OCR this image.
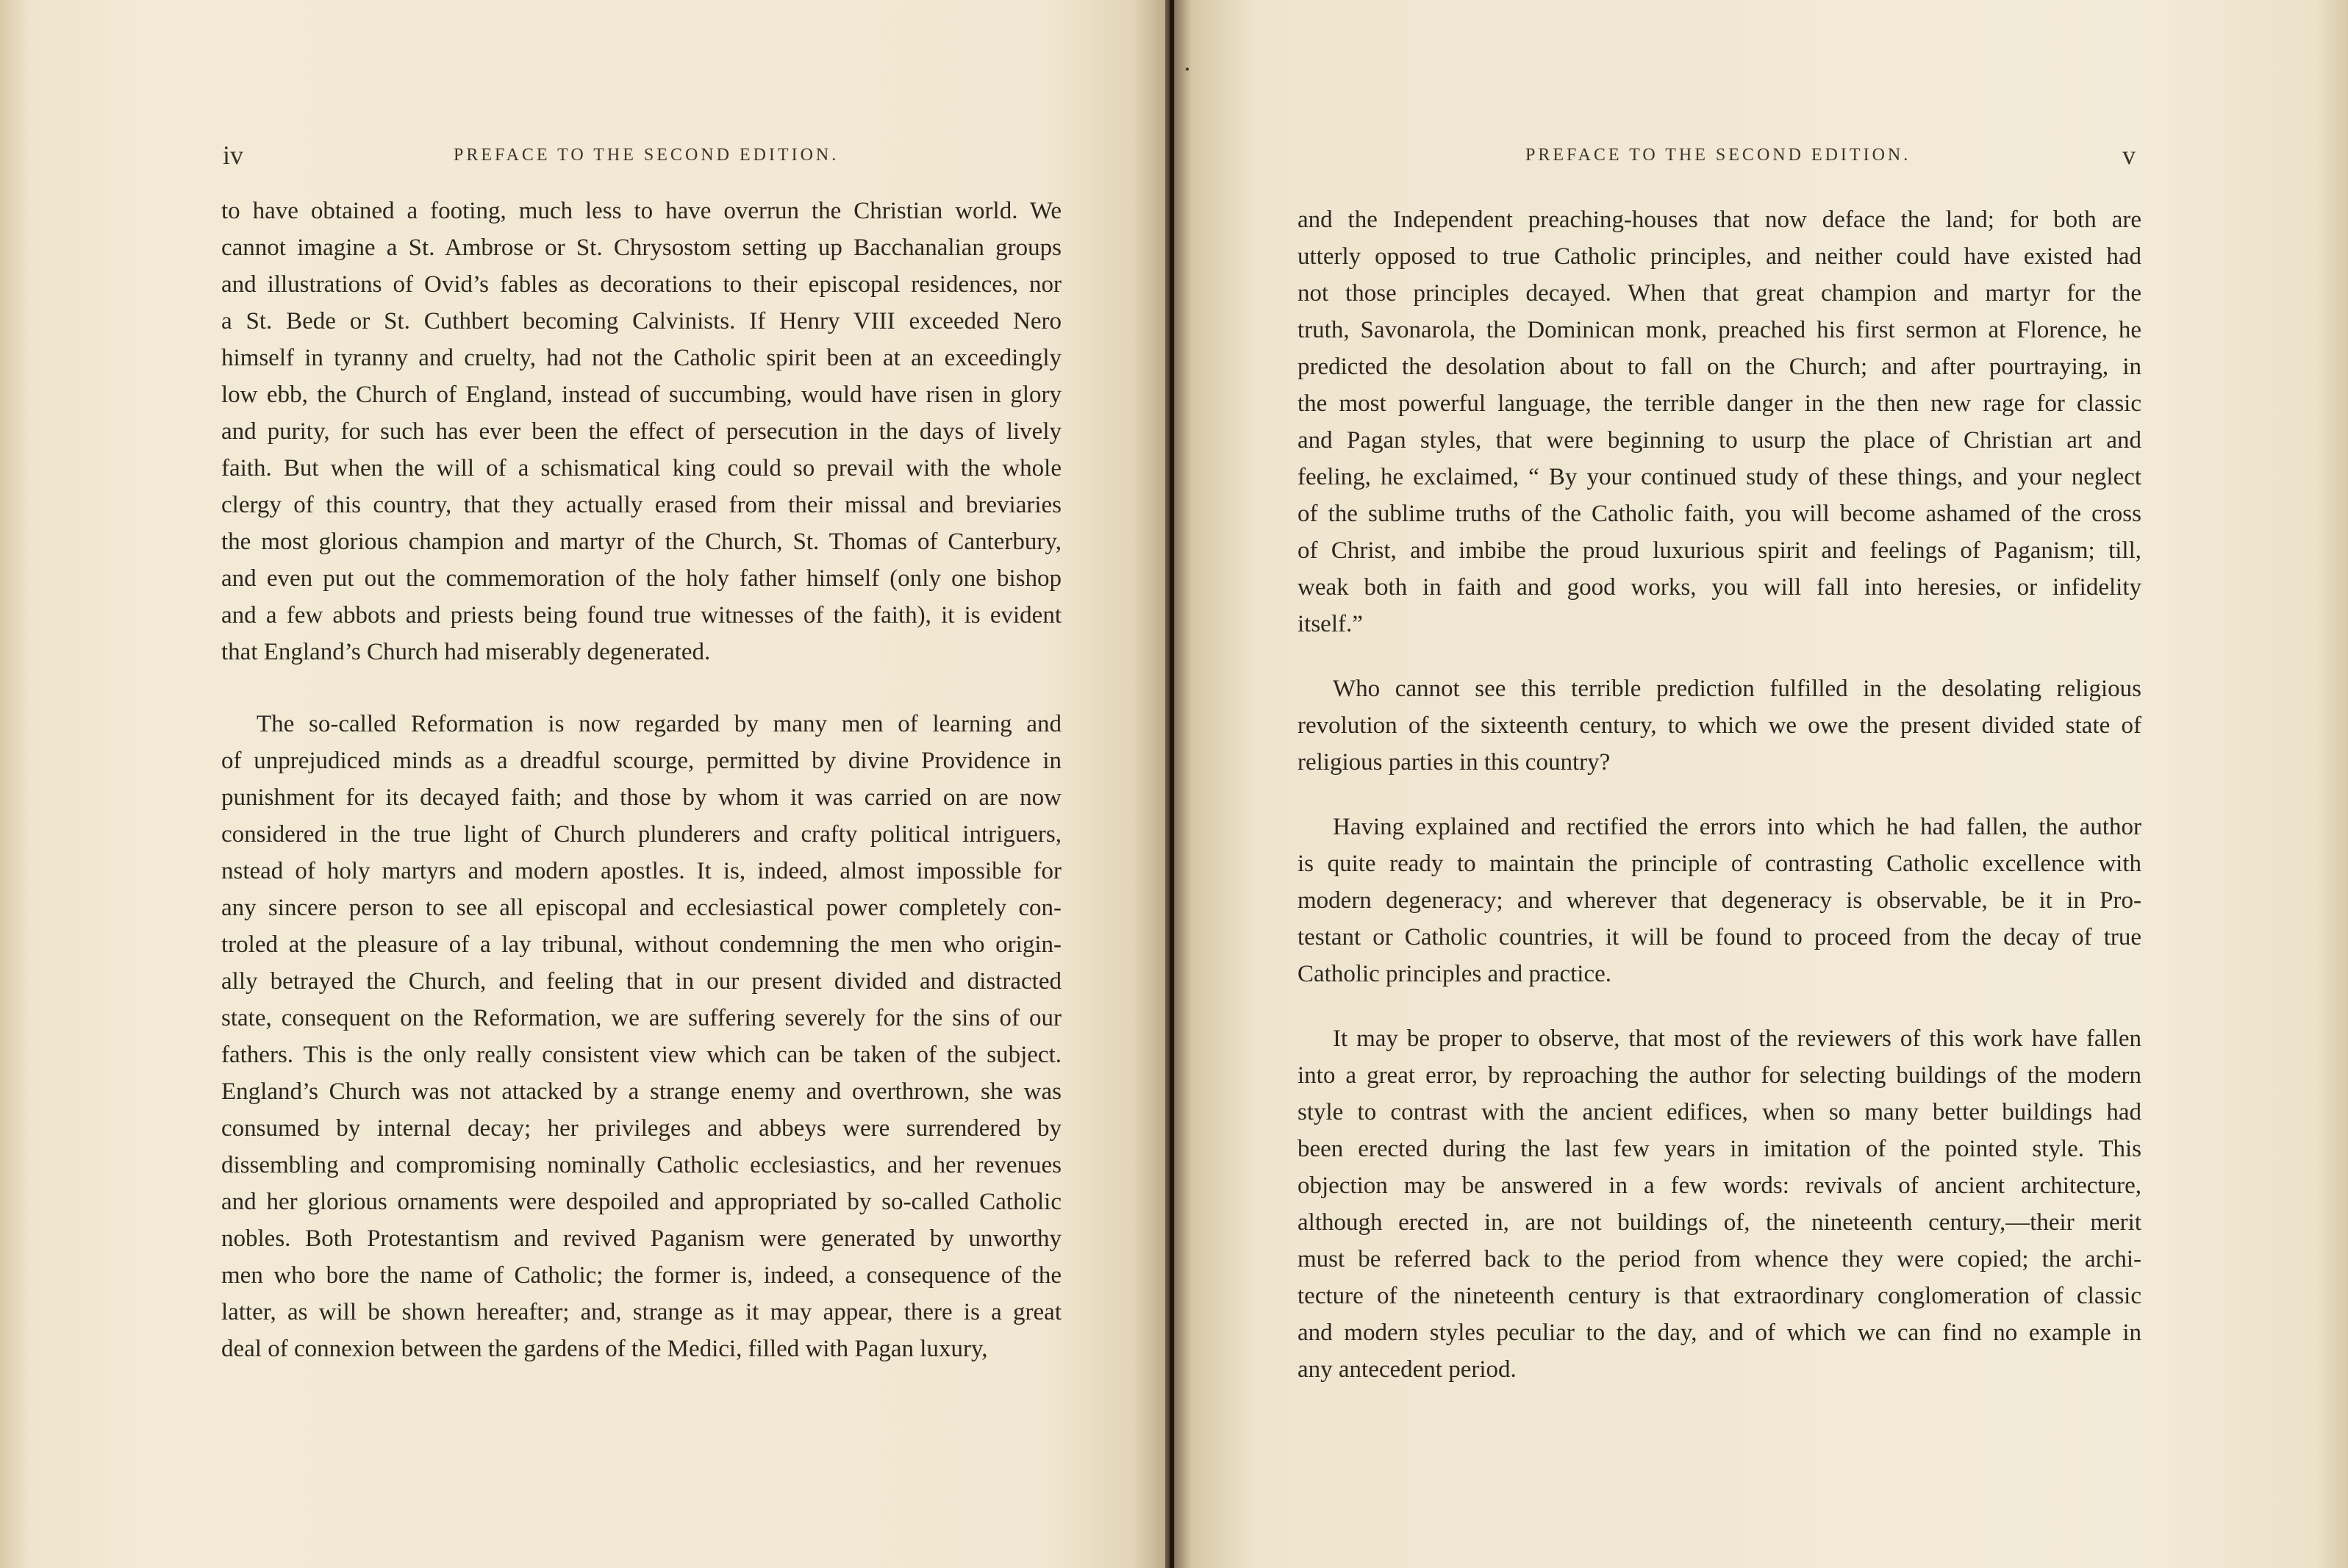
iv	PREFACE TO THE SECOND EDITION.
to have obtained a footing, much less to have overrun the Christian world. We
cannot imagine a St. Ambrose or St. Chrysostom setting up Bacchanalian groups
and illustrations of Ovid’s fables as decorations to their episcopal residences, nor
a St. Bede or St. Cuthbert becoming Calvinists. If Henry VIII exceeded Nero
himself in tyranny and cruelty, had not the Catholic spirit been at an exceedingly
low ebb, the Church of England, instead of succumbing, would have risen in glory
and purity, for such has ever been the effect of persecution in the days of lively
faith. But when the will of a schismatical king could so prevail with the whole
clergy of this country, that they actually erased from their missal and breviaries
the most glorious champion and martyr of the Church, St. Thomas of Canterbury,
and even put out the commemoration of the holy father himself (only one bishop
and a few abbots and priests being found true witnesses of the faith), it is evident
that England’s Church had miserably degenerated.
The so-called Reformation is now regarded by many men of learning and
of unprejudiced minds as a dreadful scourge, permitted by divine Providence in
punishment for its decayed faith; and those by whom it was carried on are now
considered in the true light of Church plunderers and crafty political intriguers,
nstead of holy martyrs and modern apostles. It is, indeed, almost impossible for
any sincere person to see all episcopal and ecclesiastical power completely con-
troled at the pleasure of a lay tribunal, without condemning the men who origin-
ally betrayed the Church, and feeling that in our present divided and distracted
state, consequent on the Reformation, we are suffering severely for the sins of our
fathers. This is the only really consistent view which can be taken of the subject.
England’s Church was not attacked by a strange enemy and overthrown, she was
consumed by internal decay; her privileges and abbeys were surrendered by
dissembling and compromising nominally Catholic ecclesiastics, and her revenues
and her glorious ornaments were despoiled and appropriated by so-called Catholic
nobles. Both Protestantism and revived Paganism were generated by unworthy
men who bore the name of Catholic; the former is, indeed, a consequence of the
latter, as will be shown hereafter; and, strange as it may appear, there is a great
deal of connexion between the gardens of the Medici, filled with Pagan luxury,
PREFACE TO THE SECOND EDITION.	v
and the Independent preaching-houses that now deface the land; for both are
utterly opposed to true Catholic principles, and neither could have existed had
not those principles decayed. When that great champion and martyr for the
truth, Savonarola, the Dominican monk, preached his first sermon at Florence, he
predicted the desolation about to fall on the Church; and after pourtraying, in
the most powerful language, the terrible danger in the then new rage for classic
and Pagan styles, that were beginning to usurp the place of Christian art and
feeling, he exclaimed, “ By your continued study of these things, and your neglect
of the sublime truths of the Catholic faith, you will become ashamed of the cross
of Christ, and imbibe the proud luxurious spirit and feelings of Paganism; till,
weak both in faith and good works, you will fall into heresies, or infidelity
itself.”
Who cannot see this terrible prediction fulfilled in the desolating religious
revolution of the sixteenth century, to which we owe the present divided state of
religious parties in this country?
Having explained and rectified the errors into which he had fallen, the author
is quite ready to maintain the principle of contrasting Catholic excellence with
modern degeneracy; and wherever that degeneracy is observable, be it in Pro-
testant or Catholic countries, it will be found to proceed from the decay of true
Catholic principles and practice.
It may be proper to observe, that most of the reviewers of this work have fallen
into a great error, by reproaching the author for selecting buildings of the modern
style to contrast with the ancient edifices, when so many better buildings had
been erected during the last few years in imitation of the pointed style. This
objection may be answered in a few words: revivals of ancient architecture,
although erected in, are not buildings of, the nineteenth century,—their merit
must be referred back to the period from whence they were copied; the archi-
tecture of the nineteenth century is that extraordinary conglomeration of classic
and modern styles peculiar to the day, and of which we can find no example in
any antecedent period.
